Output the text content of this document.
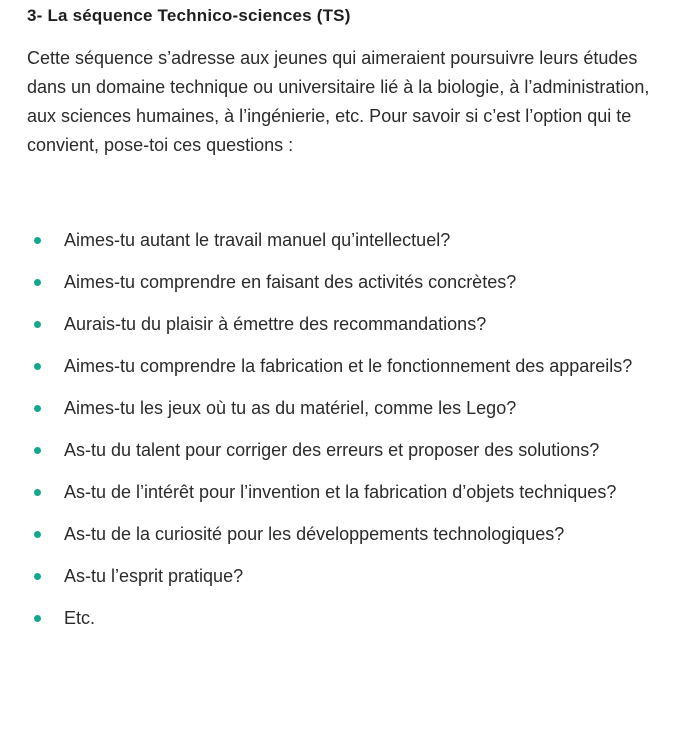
3- La séquence Technico-sciences (TS)

Cette séquence s’adresse aux jeunes qui aimeraient poursuivre leurs études dans un domaine technique ou universitaire lié à la biologie, à l’administration, aux sciences humaines, à l’ingénierie, etc. Pour savoir si c’est l’option qui te convient, pose-toi ces questions :

Aimes-tu autant le travail manuel qu’intellectuel?
Aimes-tu comprendre en faisant des activités concrètes?
Aurais-tu du plaisir à émettre des recommandations?
Aimes-tu comprendre la fabrication et le fonctionnement des appareils?
Aimes-tu les jeux où tu as du matériel, comme les Lego?
As-tu du talent pour corriger des erreurs et proposer des solutions?
As-tu de l’intérêt pour l’invention et la fabrication d’objets techniques?
As-tu de la curiosité pour les développements technologiques?
As-tu l’esprit pratique?
Etc.
